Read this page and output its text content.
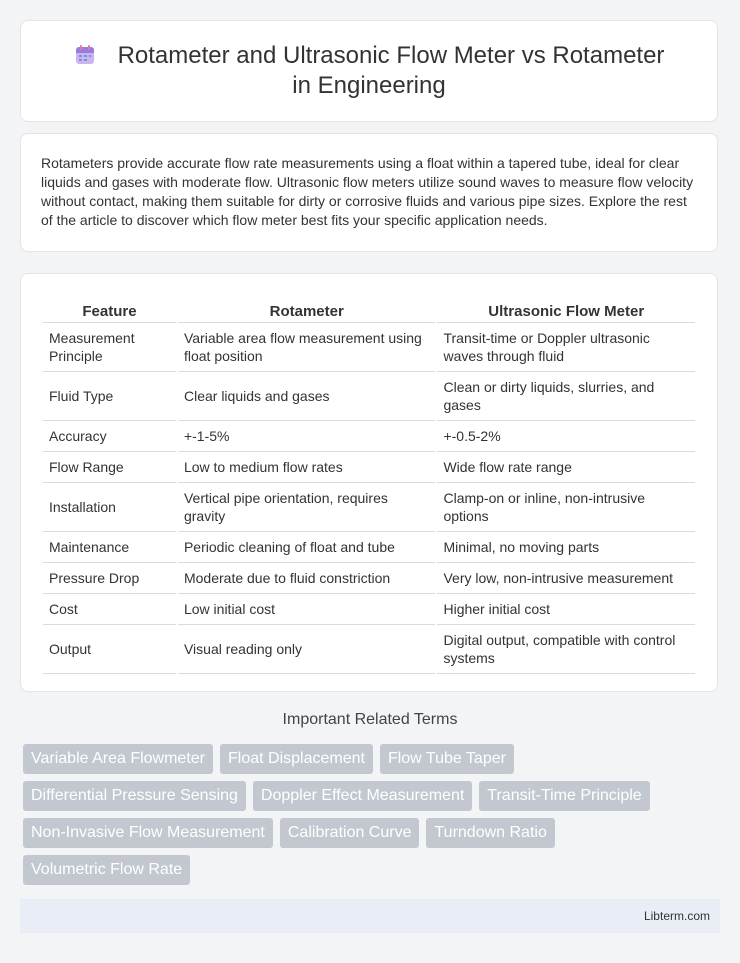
Rotameter and Ultrasonic Flow Meter vs Rotameter in Engineering
Rotameters provide accurate flow rate measurements using a float within a tapered tube, ideal for clear liquids and gases with moderate flow. Ultrasonic flow meters utilize sound waves to measure flow velocity without contact, making them suitable for dirty or corrosive fluids and various pipe sizes. Explore the rest of the article to discover which flow meter best fits your specific application needs.
Feature	Rotameter	Ultrasonic Flow Meter
Measurement Principle	Variable area flow measurement using float position	Transit-time or Doppler ultrasonic waves through fluid
Fluid Type	Clear liquids and gases	Clean or dirty liquids, slurries, and gases
Accuracy	+-1-5%	+-0.5-2%
Flow Range	Low to medium flow rates	Wide flow rate range
Installation	Vertical pipe orientation, requires gravity	Clamp-on or inline, non-intrusive options
Maintenance	Periodic cleaning of float and tube	Minimal, no moving parts
Pressure Drop	Moderate due to fluid constriction	Very low, non-intrusive measurement
Cost	Low initial cost	Higher initial cost
Output	Visual reading only	Digital output, compatible with control systems
Important Related Terms
Variable Area Flowmeter	Float Displacement	Flow Tube Taper
Differential Pressure Sensing	Doppler Effect Measurement	Transit-Time Principle
Non-Invasive Flow Measurement	Calibration Curve	Turndown Ratio
Volumetric Flow Rate
Libterm.com
